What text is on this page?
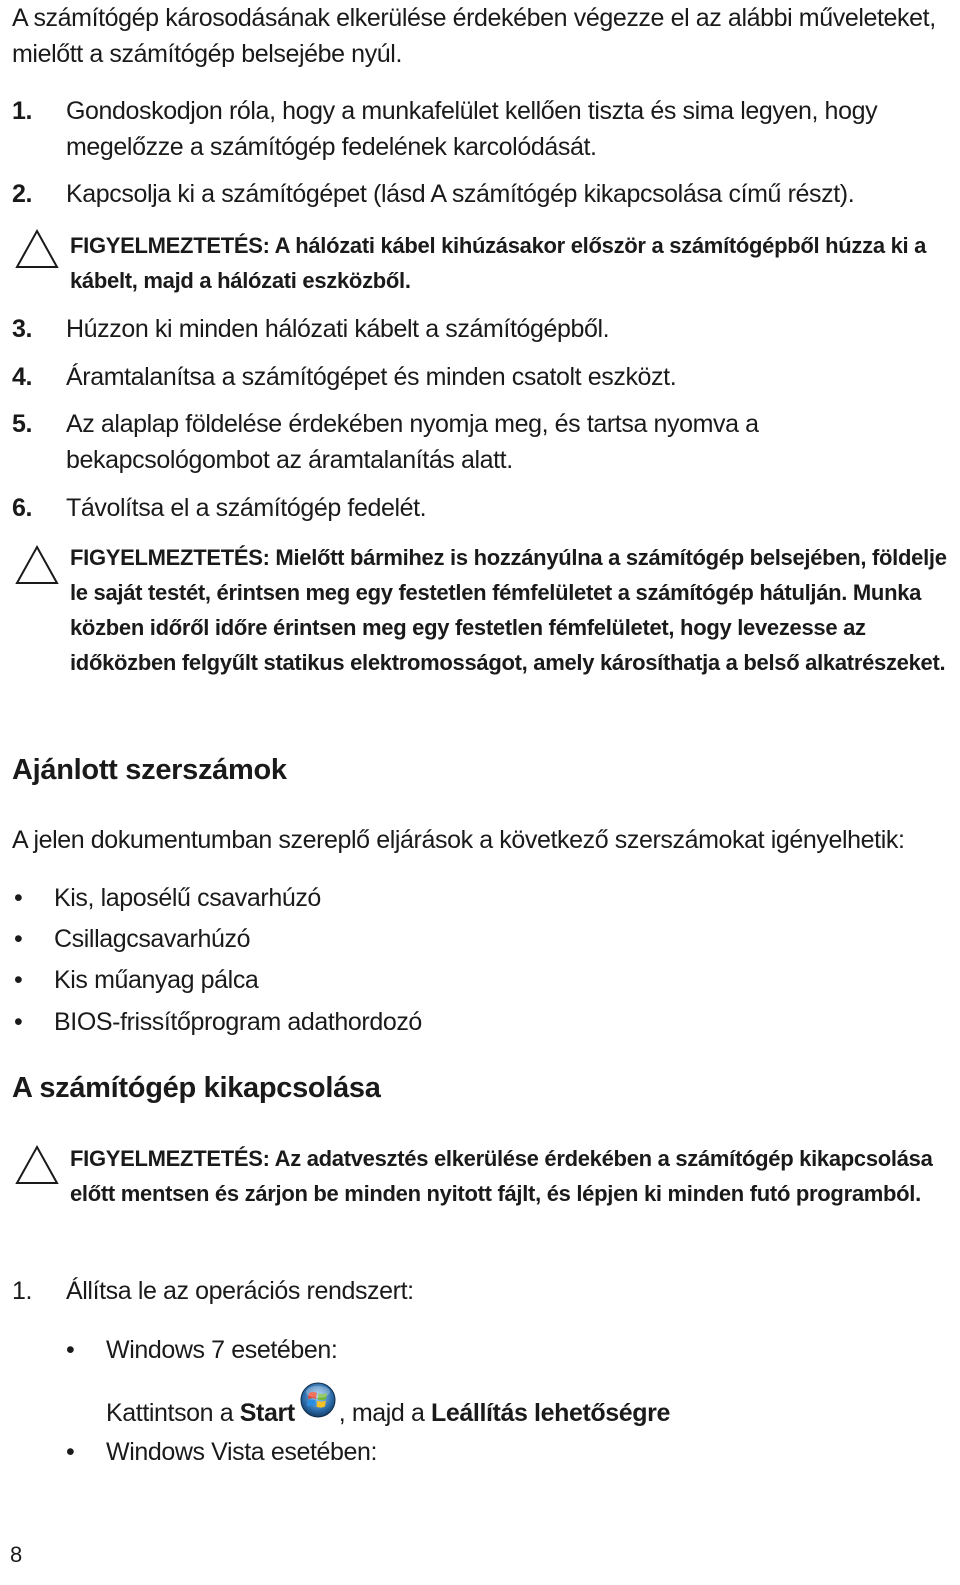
A számítógép károsodásának elkerülése érdekében végezze el az alábbi műveleteket, mielőtt a számítógép belsejébe nyúl.
1.	Gondoskodjon róla, hogy a munkafelület kellően tiszta és sima legyen, hogy megelőzze a számítógép fedelének karcolódását.
2.	Kapcsolja ki a számítógépet (lásd A számítógép kikapcsolása című részt).
FIGYELMEZTETÉS: A hálózati kábel kihúzásakor először a számítógépből húzza ki a kábelt, majd a hálózati eszközből.
3.	Húzzon ki minden hálózati kábelt a számítógépből.
4.	Áramtalanítsa a számítógépet és minden csatolt eszközt.
5.	Az alaplap földelése érdekében nyomja meg, és tartsa nyomva a bekapcsológombot az áramtalanítás alatt.
6.	Távolítsa el a számítógép fedelét.
FIGYELMEZTETÉS: Mielőtt bármihez is hozzányúlna a számítógép belsejében, földelje le saját testét, érintsen meg egy festetlen fémfelületet a számítógép hátulján. Munka közben időről időre érintsen meg egy festetlen fémfelületet, hogy levezesse az időközben felgyűlt statikus elektromosságot, amely károsíthatja a belső alkatrészeket.
Ajánlott szerszámok
A jelen dokumentumban szereplő eljárások a következő szerszámokat igényelhetik:
• Kis, laposélű csavarhúzó
• Csillagcsavarhúzó
• Kis műanyag pálca
• BIOS-frissítőprogram adathordozó
A számítógép kikapcsolása
FIGYELMEZTETÉS: Az adatvesztés elkerülése érdekében a számítógép kikapcsolása előtt mentsen és zárjon be minden nyitott fájlt, és lépjen ki minden futó programból.
1.	Állítsa le az operációs rendszert:
• Windows 7 esetében:
Kattintson a Start , majd a Leállítás lehetőségre
• Windows Vista esetében:
8
